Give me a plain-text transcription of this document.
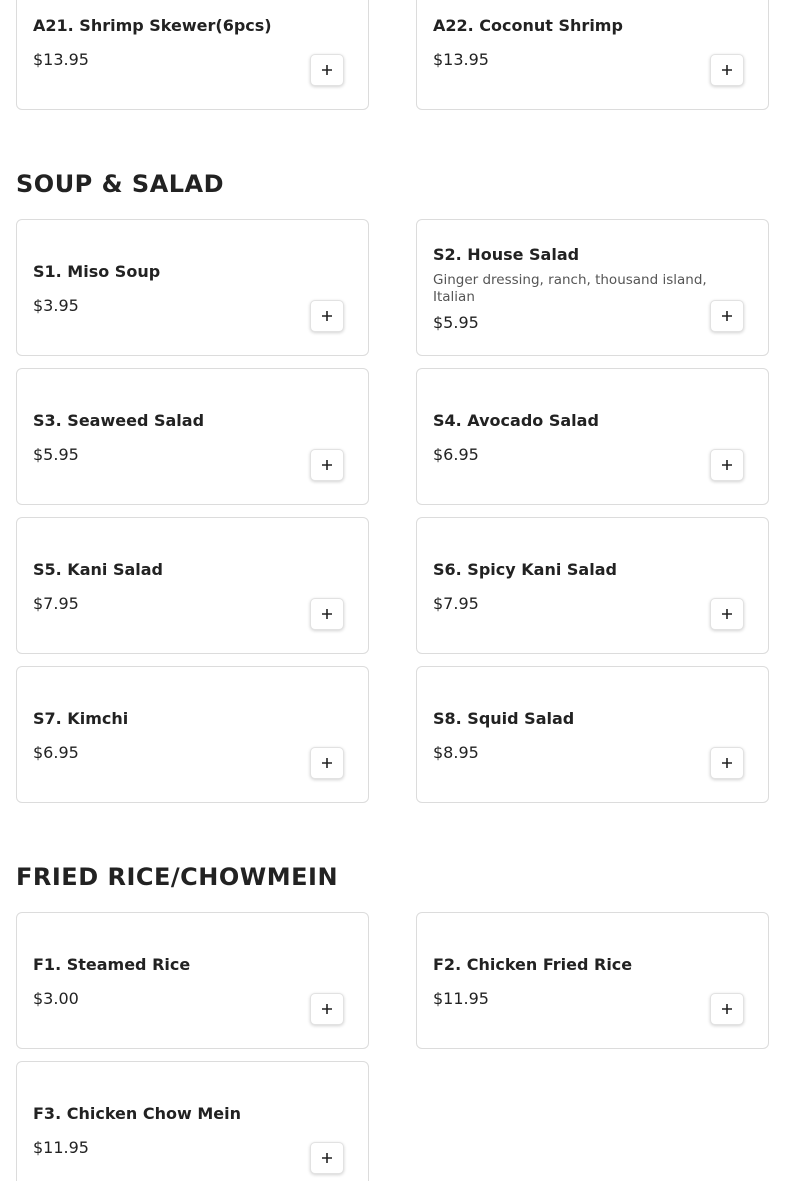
A21. Shrimp Skewer(6pcs)
$13.95
A22. Coconut Shrimp
$13.95
SOUP & SALAD
S1. Miso Soup
$3.95
S2. House Salad
Ginger dressing, ranch, thousand island, Italian
$5.95
S3. Seaweed Salad
$5.95
S4. Avocado Salad
$6.95
S5. Kani Salad
$7.95
S6. Spicy Kani Salad
$7.95
S7. Kimchi
$6.95
S8. Squid Salad
$8.95
FRIED RICE/CHOWMEIN
F1. Steamed Rice
$3.00
F2. Chicken Fried Rice
$11.95
F3. Chicken Chow Mein
$11.95
